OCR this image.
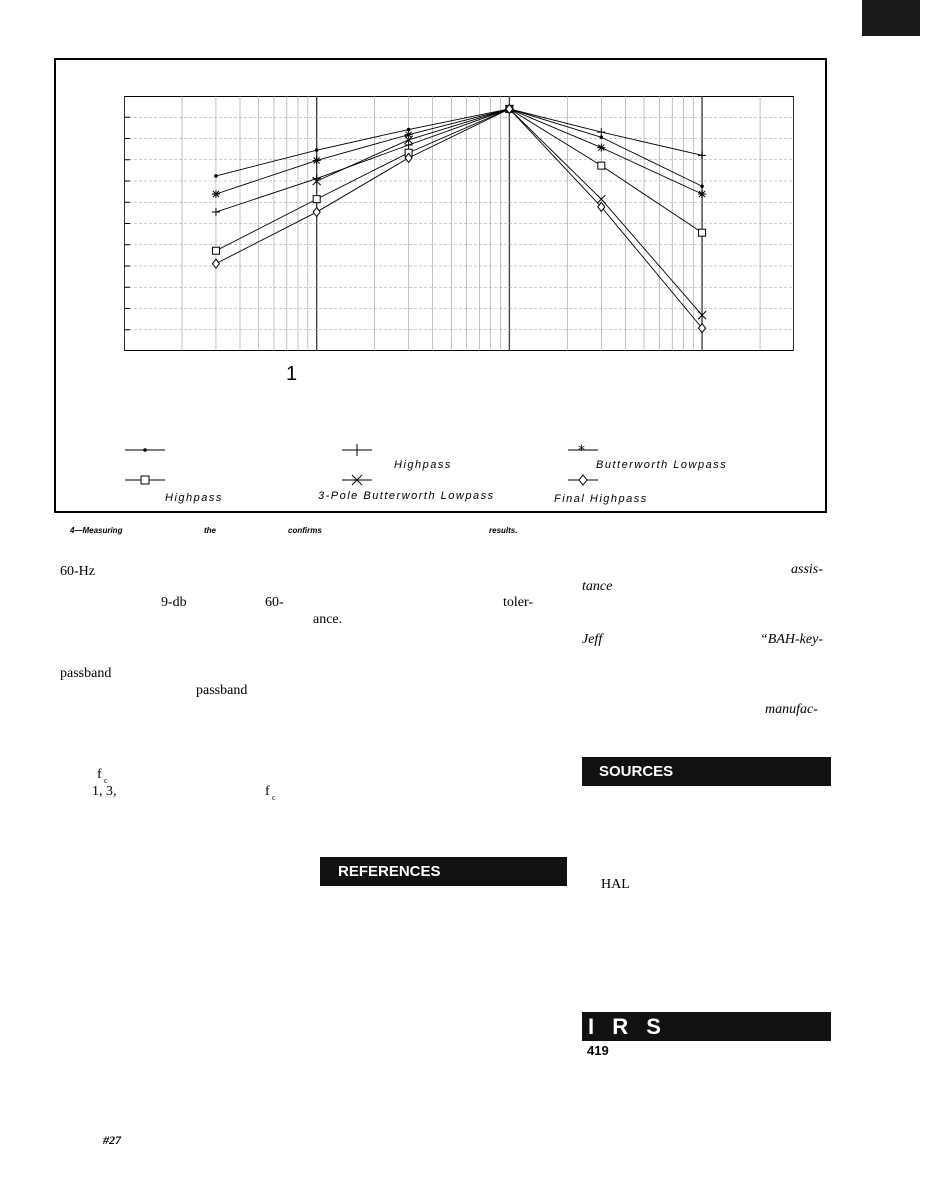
1
*
Highpass	Butterworth Lowpass
Highpass	3-Pole Butterworth Lowpass	Final Highpass
4—Measuring	the	confirms	results.
60-Hz
9-db	60-	toler-
ance.
passband
passband
f c
1, 3,	f c
#27
assis-
tance
Jeff	“BAH-key-
manufac-
HAL
419
REFERENCES
SOURCES
I R S
